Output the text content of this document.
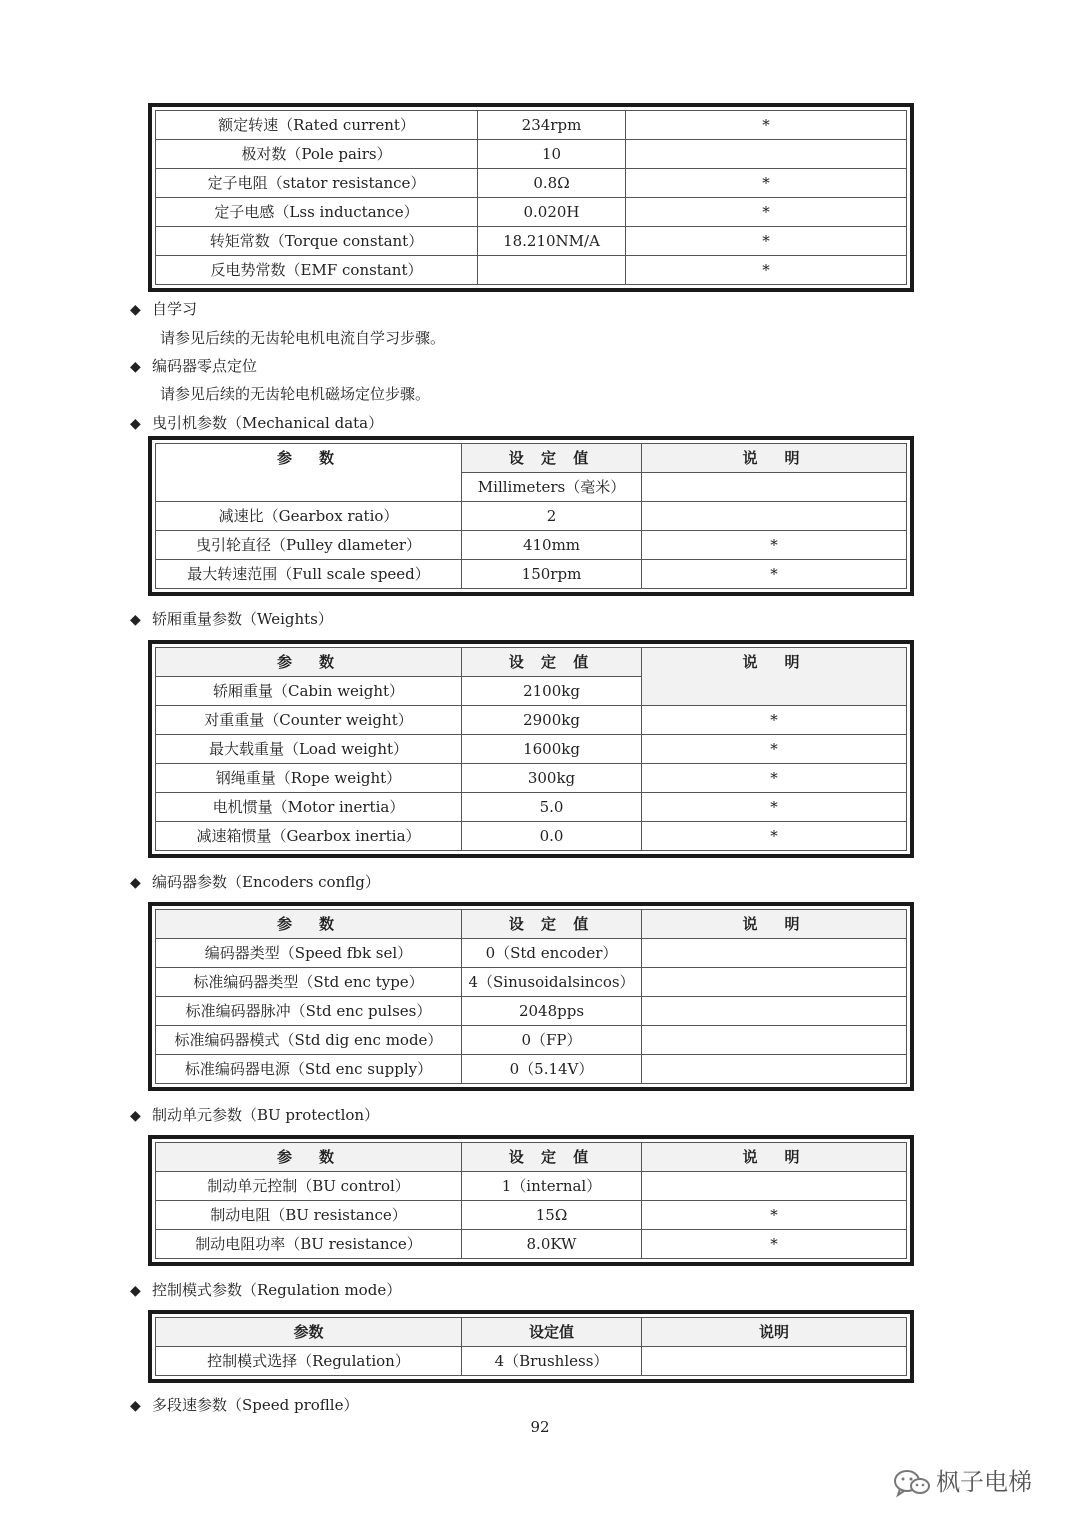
额定转速（Rated current）	234rpm	*
极对数（Pole pairs）	10	
定子电阻（stator resistance）	0.8Ω	*
定子电感（Lss inductance）	0.020H	*
转矩常数（Torque constant）	18.210NM/A	*
反电势常数（EMF constant）		*
◆ 自学习
请参见后续的无齿轮电机电流自学习步骤。
◆ 编码器零点定位
请参见后续的无齿轮电机磁场定位步骤。
◆ 曳引机参数（Mechanical data）
参　数	设 定 值	说　明
	Millimeters（毫米）	
减速比（Gearbox ratio）	2	
曳引轮直径（Pulley dlameter）	410mm	*
最大转速范围（Full scale speed）	150rpm	*
◆ 轿厢重量参数（Weights）
参　数	设 定 值	说　明
轿厢重量（Cabin weight）	2100kg	
对重重量（Counter weight）	2900kg	*
最大载重量（Load weight）	1600kg	*
钢绳重量（Rope weight）	300kg	*
电机惯量（Motor inertia）	5.0	*
减速箱惯量（Gearbox inertia）	0.0	*
◆ 编码器参数（Encoders conflg）
参　数	设 定 值	说　明
编码器类型（Speed fbk sel）	0（Std encoder）	
标准编码器类型（Std enc type）	4（Sinusoidalsincos）	
标准编码器脉冲（Std enc pulses）	2048pps	
标准编码器模式（Std dig enc mode）	0（FP）	
标准编码器电源（Std enc supply）	0（5.14V）	
◆ 制动单元参数（BU protectlon）
参　数	设 定 值	说　明
制动单元控制（BU control）	1（internal）	
制动电阻（BU resistance）	15Ω	*
制动电阻功率（BU resistance）	8.0KW	*
◆ 控制模式参数（Regulation mode）
参数	设定值	说明
控制模式选择（Regulation）	4（Brushless）	
◆ 多段速参数（Speed proflle）
92
枫子电梯
